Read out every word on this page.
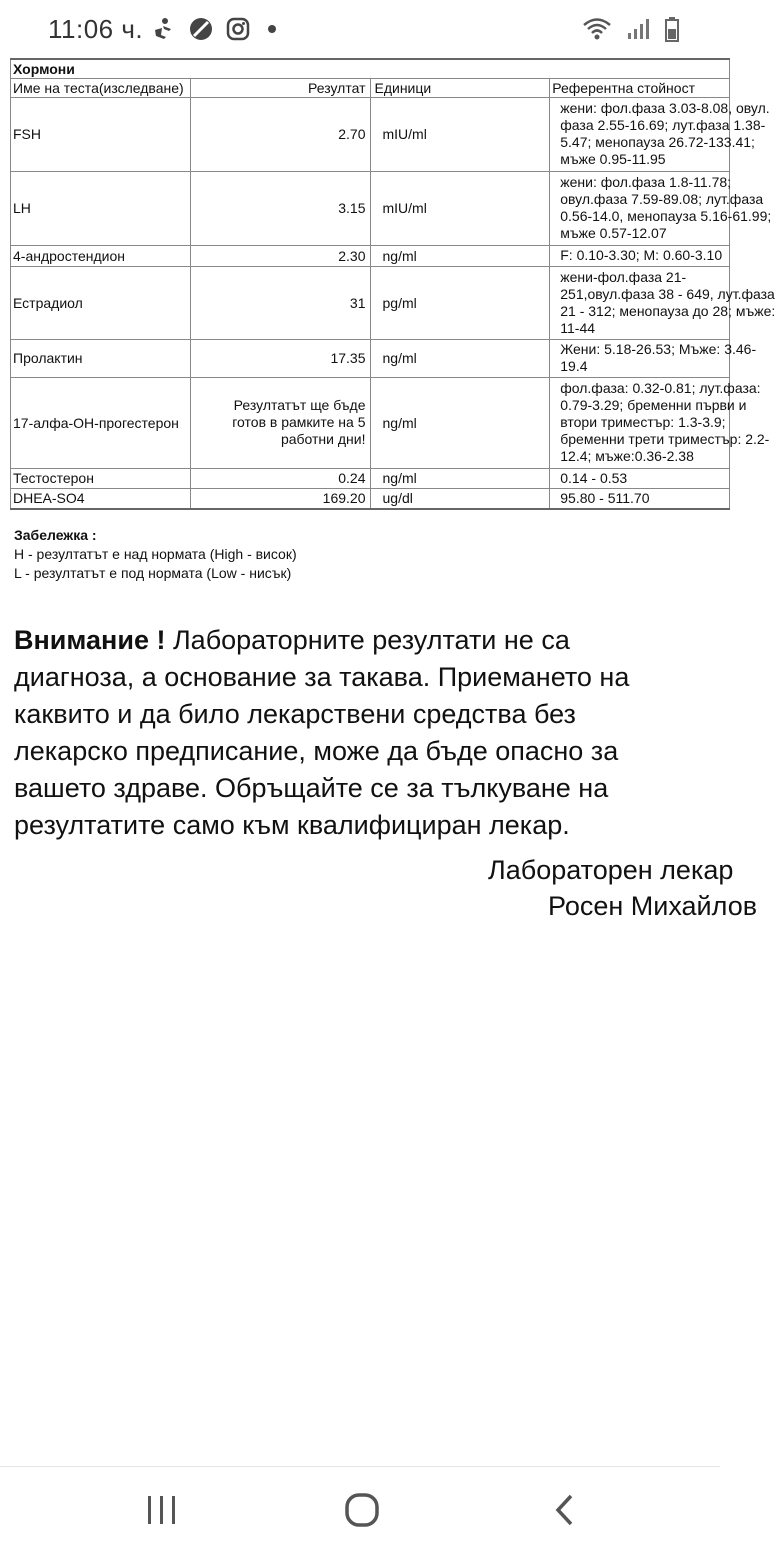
11:06 ч.
Хормони			
Име на теста(изследване)	Резултат	Единици	Референтна стойност
FSH	2.70	mIU/ml	жени: фол.фаза 3.03-8.08, овул. фаза 2.55-16.69; лут.фаза 1.38-5.47; менопауза 26.72-133.41; мъже 0.95-11.95

LH	3.15	mIU/ml	жени: фол.фаза 1.8-11.78; овул.фаза 7.59-89.08; лут.фаза 0.56-14.0, менопауза 5.16-61.99; мъже 0.57-12.07

4-андростендион	2.30	ng/ml	F: 0.10-3.30; M: 0.60-3.10

Естрадиол	31	pg/ml	жени-фол.фаза 21-251,овул.фаза 38 - 649, лут.фаза 21 - 312; менопауза до 28; мъже: 11-44

Пролактин	17.35	ng/ml	Жени: 5.18-26.53; Мъже: 3.46-19.4

17-алфа-OH-прогестерон	Резултатът ще бъде готов в рамките на 5 работни дни!	ng/ml	фол.фаза: 0.32-0.81; лут.фаза: 0.79-3.29; бременни първи и втори триместър: 1.3-3.9; бременни трети триместър: 2.2-12.4; мъже:0.36-2.38

Тестостерон	0.24	ng/ml	0.14 - 0.53

DHEA-SO4	169.20	ug/dl	95.80 - 511.70
Забележка :
H - резултатът е над нормата (High - висок)
L - резултатът е под нормата (Low - нисък)
Внимание ! Лабораторните резултати не са
диагноза, а основание за такава. Приемането на
каквито и да било лекарствени средства без
лекарско предписание, може да бъде опасно за
вашето здраве. Обръщайте се за тълкуване на
резултатите само към квалифициран лекар.
Лабораторен лекар
Росен Михайлов
